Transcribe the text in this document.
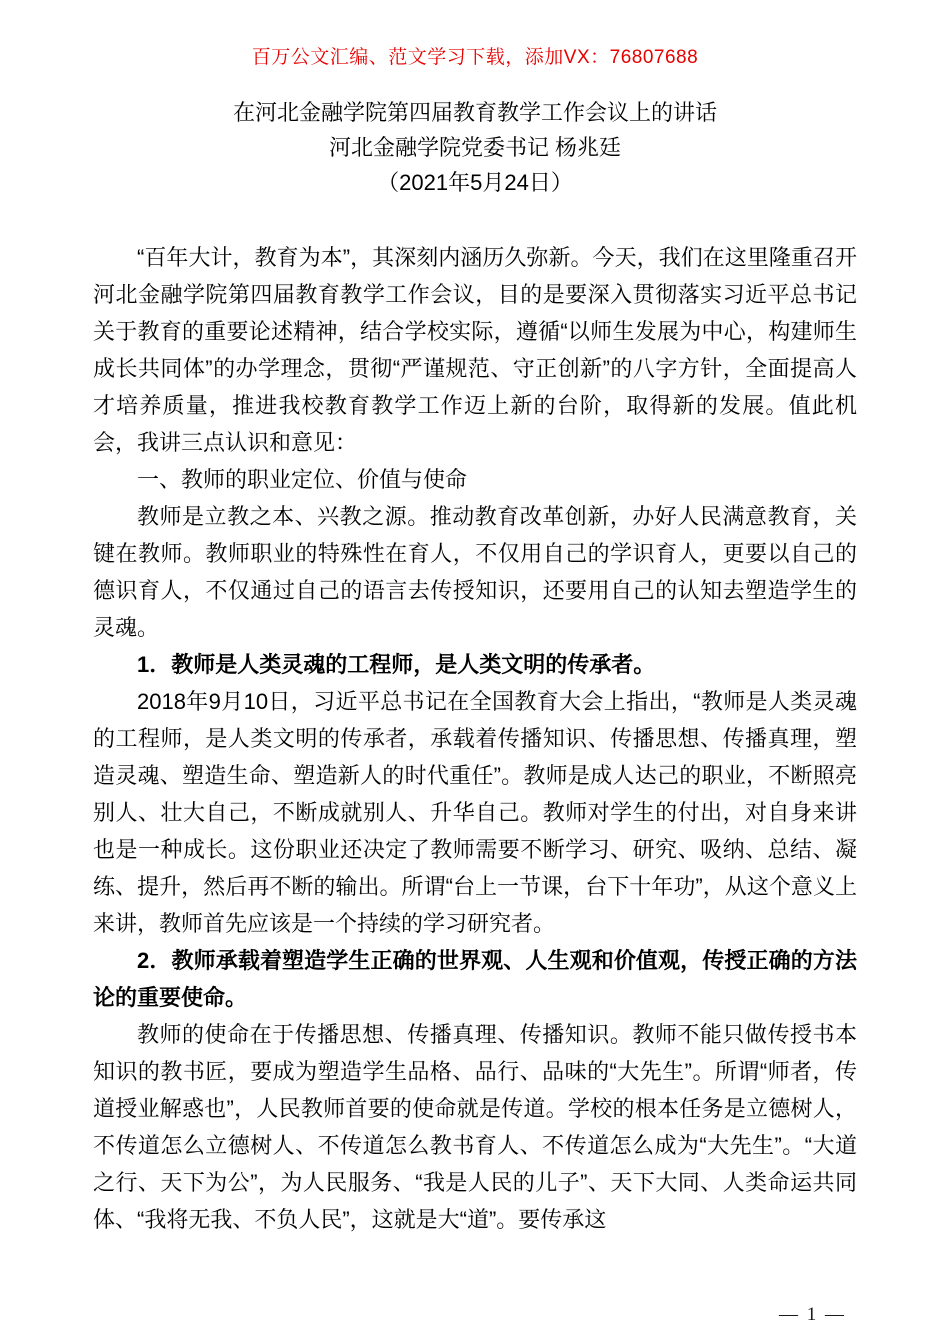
百万公文汇编、范文学习下载，添加VX：76807688
在河北金融学院第四届教育教学工作会议上的讲话
河北金融学院党委书记 杨兆廷
（2021年5月24日）

“百年大计，教育为本”，其深刻内涵历久弥新。今天，我们在这里隆重召开河北金融学院第四届教育教学工作会议，目的是要深入贯彻落实习近平总书记关于教育的重要论述精神，结合学校实际，遵循“以师生发展为中心，构建师生成长共同体”的办学理念，贯彻“严谨规范、守正创新”的八字方针，全面提高人才培养质量，推进我校教育教学工作迈上新的台阶，取得新的发展。值此机会，我讲三点认识和意见：

一、教师的职业定位、价值与使命

教师是立教之本、兴教之源。推动教育改革创新，办好人民满意教育，关键在教师。教师职业的特殊性在育人，不仅用自己的学识育人，更要以自己的德识育人，不仅通过自己的语言去传授知识，还要用自己的认知去塑造学生的灵魂。

1．教师是人类灵魂的工程师，是人类文明的传承者。

2018年9月10日，习近平总书记在全国教育大会上指出，“教师是人类灵魂的工程师，是人类文明的传承者，承载着传播知识、传播思想、传播真理，塑造灵魂、塑造生命、塑造新人的时代重任”。教师是成人达己的职业，不断照亮别人、壮大自己，不断成就别人、升华自己。教师对学生的付出，对自身来讲也是一种成长。这份职业还决定了教师需要不断学习、研究、吸纳、总结、凝练、提升，然后再不断的输出。所谓“台上一节课，台下十年功”，从这个意义上来讲，教师首先应该是一个持续的学习研究者。

2．教师承载着塑造学生正确的世界观、人生观和价值观，传授正确的方法论的重要使命。

教师的使命在于传播思想、传播真理、传播知识。教师不能只做传授书本知识的教书匠，要成为塑造学生品格、品行、品味的“大先生”。所谓“师者，传道授业解惑也”，人民教师首要的使命就是传道。学校的根本任务是立德树人，不传道怎么立德树人、不传道怎么教书育人、不传道怎么成为“大先生”。“大道之行、天下为公”，为人民服务、“我是人民的儿子”、天下大同、人类命运共同体、“我将无我、不负人民”，这就是大“道”。要传承这

— 1 —
